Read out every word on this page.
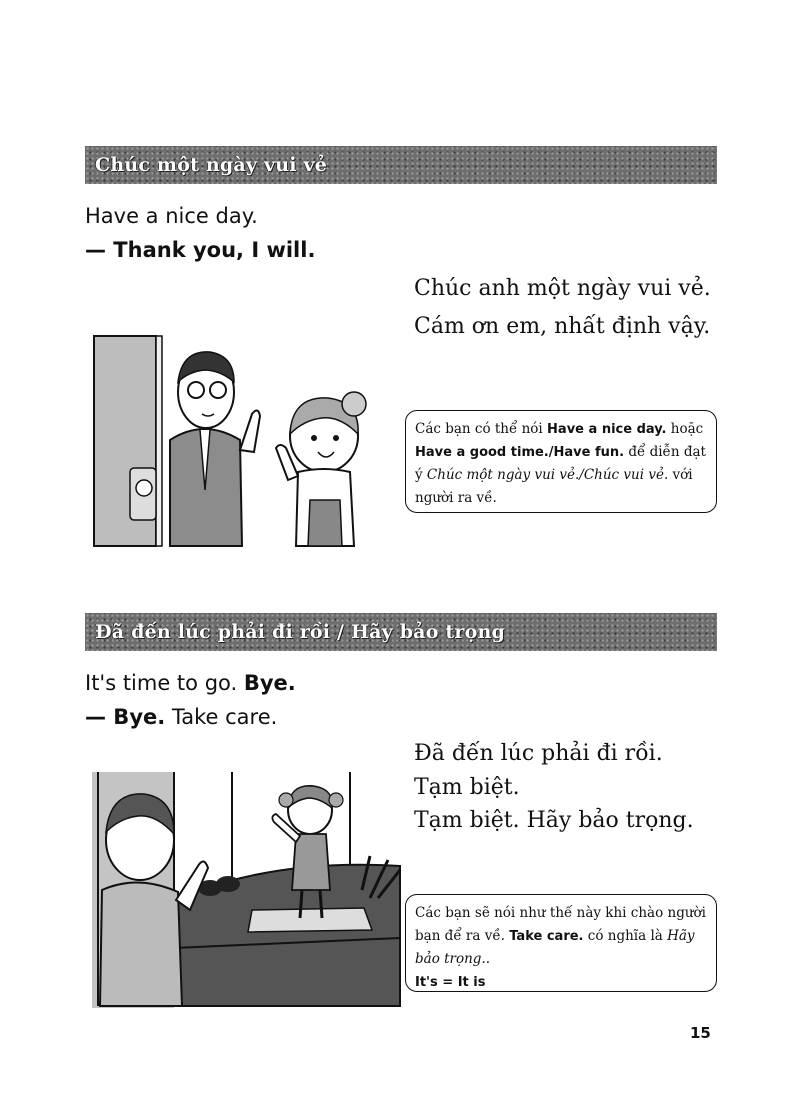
Chúc một ngày vui vẻ

Have a nice day.

— Thank you, I will.

Chúc anh một ngày vui vẻ.

Cám ơn em, nhất định vậy.

Các bạn có thể nói Have a nice day. hoặc Have a good time./Have fun. để diễn đạt ý Chúc một ngày vui vẻ./Chúc vui vẻ. với người ra về.
Đã đến lúc phải đi rồi / Hãy bảo trọng

It's time to go. Bye.

— Bye. Take care.

Đã đến lúc phải đi rồi. Tạm biệt.

Tạm biệt. Hãy bảo trọng.

Các bạn sẽ nói như thế này khi chào người bạn để ra về. Take care. có nghĩa là Hãy bảo trọng..
It's = It is
15
